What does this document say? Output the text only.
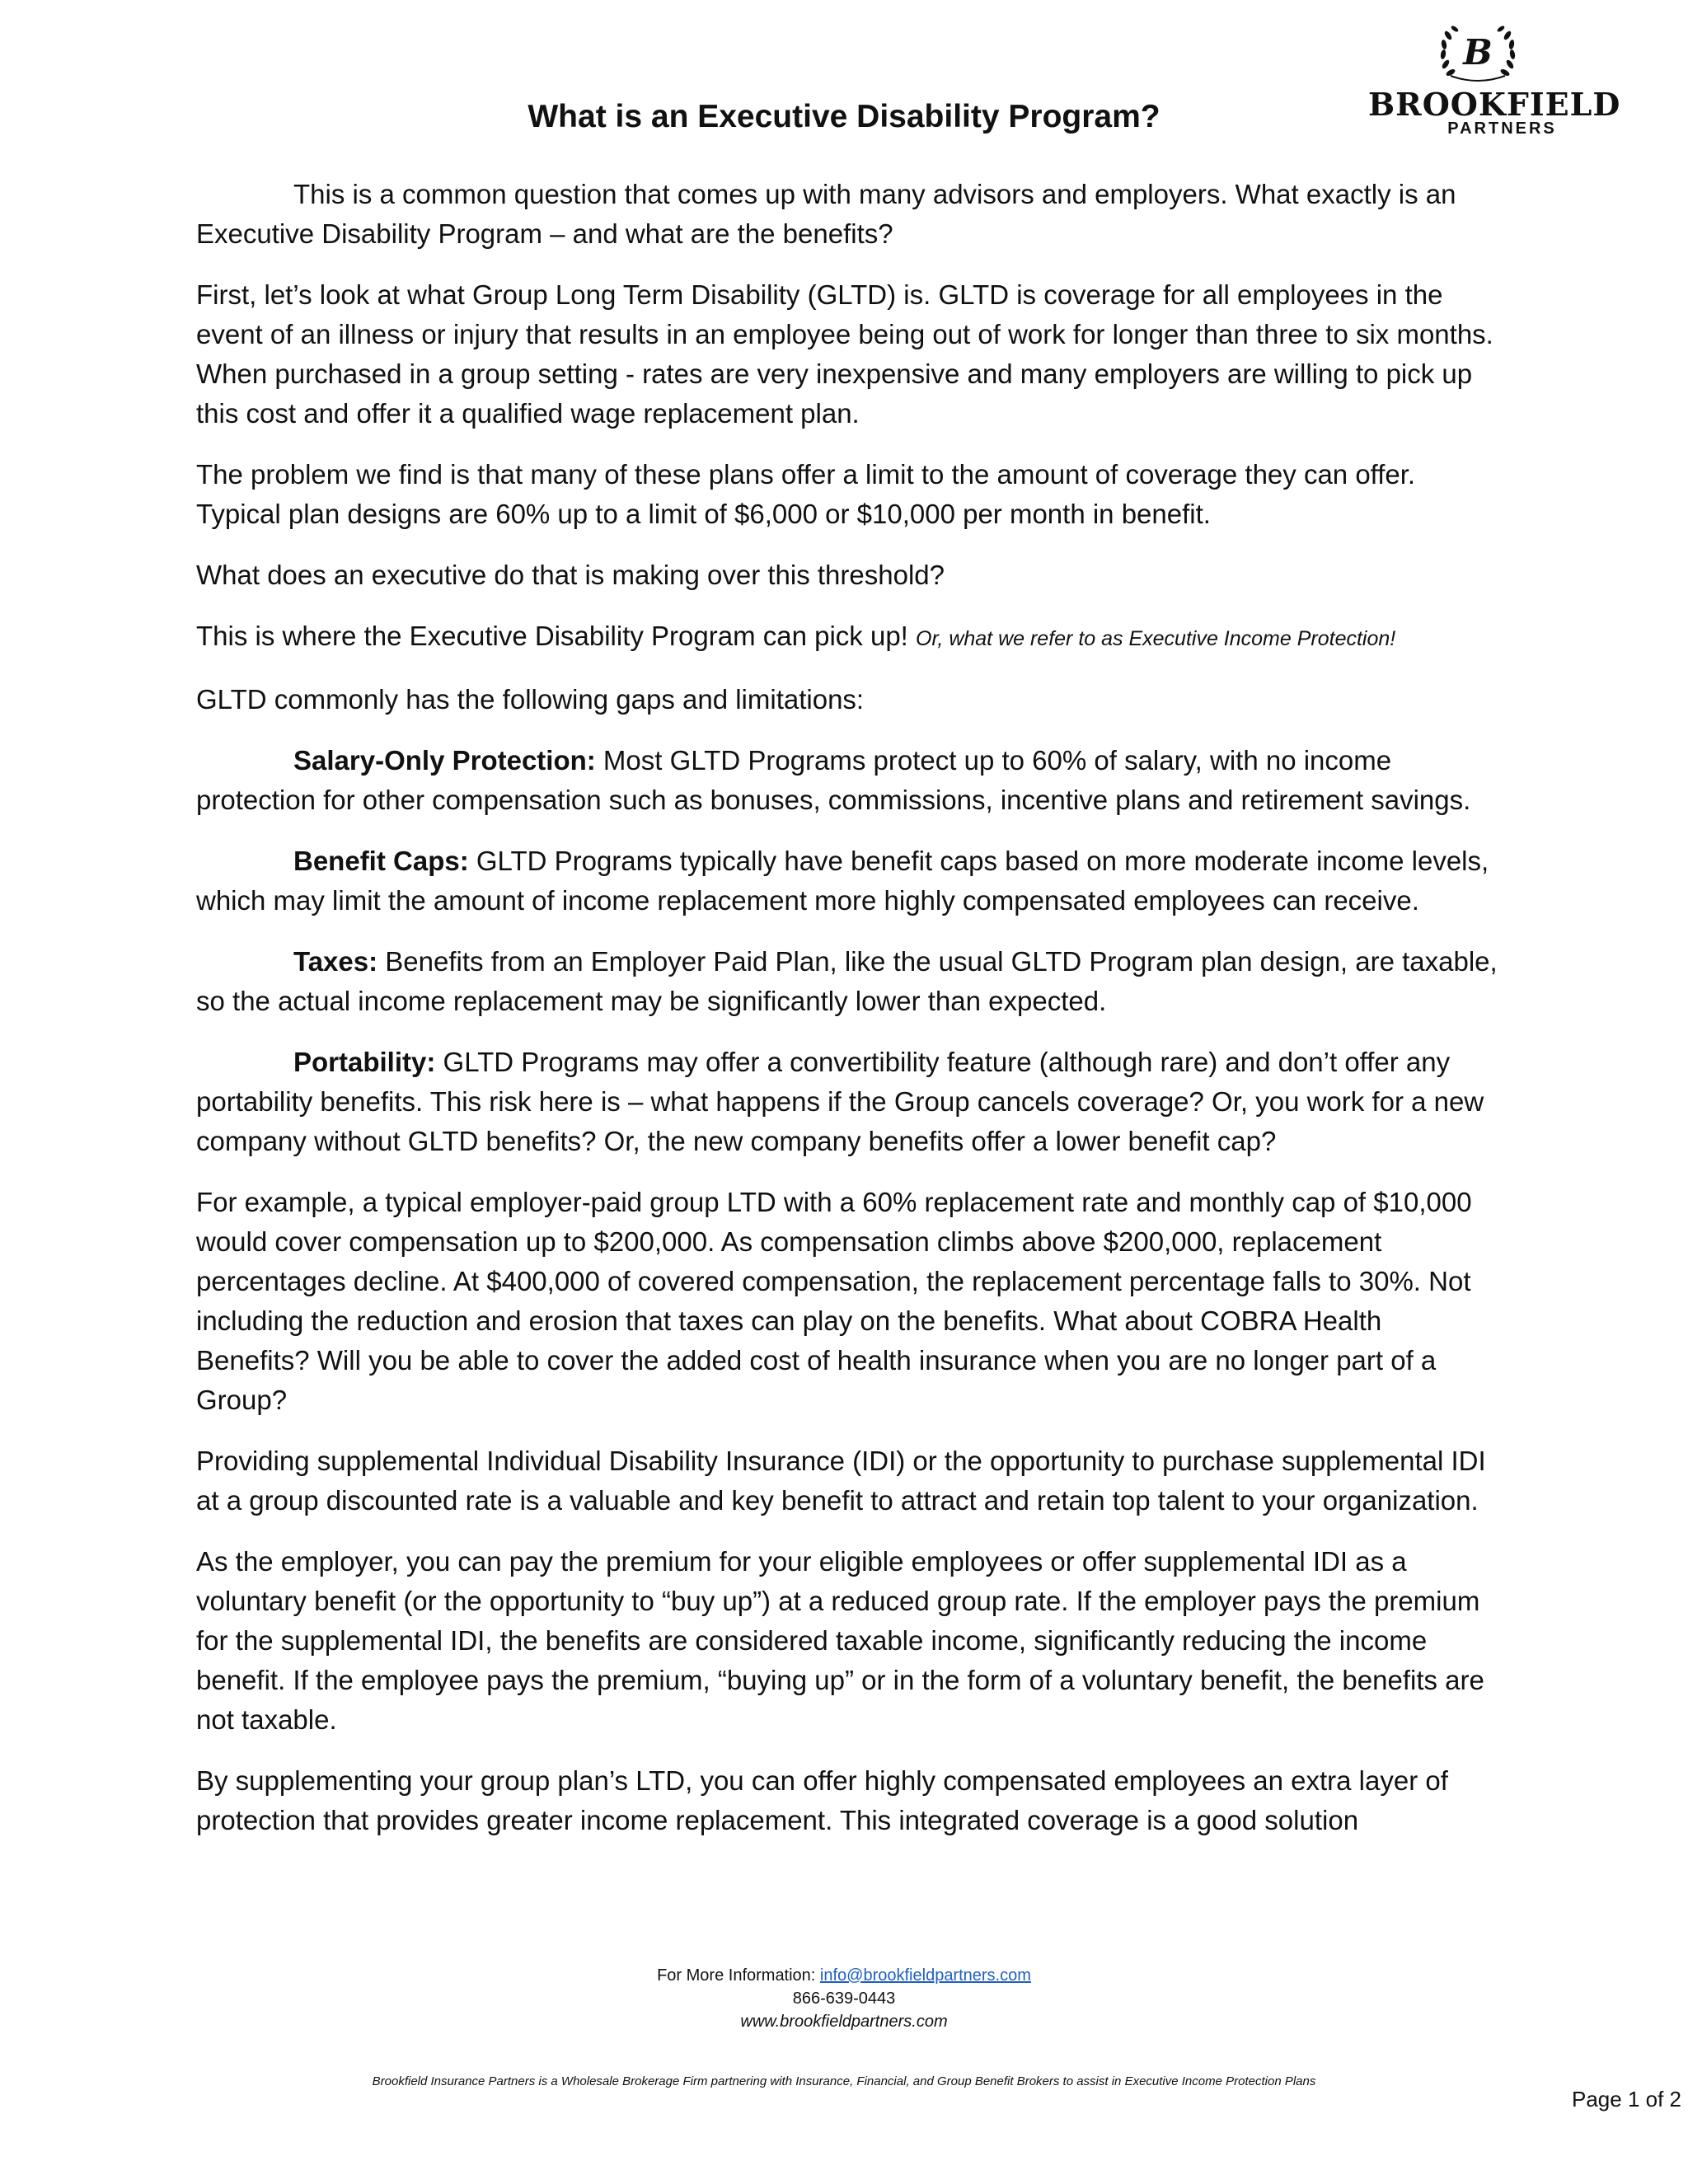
B
BROOKFIELD
PARTNERS
What is an Executive Disability Program?

This is a common question that comes up with many advisors and employers. What exactly is an Executive Disability Program – and what are the benefits?

First, let’s look at what Group Long Term Disability (GLTD) is. GLTD is coverage for all employees in the event of an illness or injury that results in an employee being out of work for longer than three to six months. When purchased in a group setting - rates are very inexpensive and many employers are willing to pick up this cost and offer it a qualified wage replacement plan.

The problem we find is that many of these plans offer a limit to the amount of coverage they can offer. Typical plan designs are 60% up to a limit of $6,000 or $10,000 per month in benefit.

What does an executive do that is making over this threshold?

This is where the Executive Disability Program can pick up! Or, what we refer to as Executive Income Protection!

GLTD commonly has the following gaps and limitations:

Salary-Only Protection: Most GLTD Programs protect up to 60% of salary, with no income protection for other compensation such as bonuses, commissions, incentive plans and retirement savings.

Benefit Caps: GLTD Programs typically have benefit caps based on more moderate income levels, which may limit the amount of income replacement more highly compensated employees can receive.

Taxes: Benefits from an Employer Paid Plan, like the usual GLTD Program plan design, are taxable, so the actual income replacement may be significantly lower than expected.

Portability: GLTD Programs may offer a convertibility feature (although rare) and don’t offer any portability benefits. This risk here is – what happens if the Group cancels coverage? Or, you work for a new company without GLTD benefits? Or, the new company benefits offer a lower benefit cap?

For example, a typical employer-paid group LTD with a 60% replacement rate and monthly cap of $10,000 would cover compensation up to $200,000. As compensation climbs above $200,000, replacement percentages decline. At $400,000 of covered compensation, the replacement percentage falls to 30%. Not including the reduction and erosion that taxes can play on the benefits. What about COBRA Health Benefits? Will you be able to cover the added cost of health insurance when you are no longer part of a Group?

Providing supplemental Individual Disability Insurance (IDI) or the opportunity to purchase supplemental IDI at a group discounted rate is a valuable and key benefit to attract and retain top talent to your organization.

As the employer, you can pay the premium for your eligible employees or offer supplemental IDI as a voluntary benefit (or the opportunity to “buy up”) at a reduced group rate. If the employer pays the premium for the supplemental IDI, the benefits are considered taxable income, significantly reducing the income benefit. If the employee pays the premium, “buying up” or in the form of a voluntary benefit, the benefits are not taxable.

By supplementing your group plan’s LTD, you can offer highly compensated employees an extra layer of protection that provides greater income replacement. This integrated coverage is a good solution

For More Information: info@brookfieldpartners.com
866-639-0443
www.brookfieldpartners.com
Brookfield Insurance Partners is a Wholesale Brokerage Firm partnering with Insurance, Financial, and Group Benefit Brokers to assist in Executive Income Protection Plans
Page 1 of 2
